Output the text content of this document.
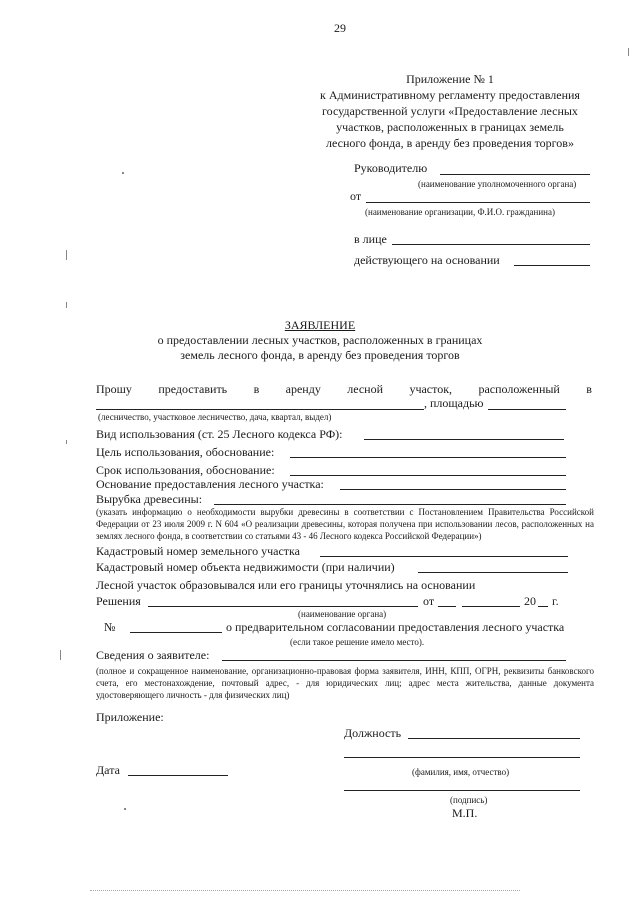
29
Приложение № 1
к Административному регламенту предоставления
государственной услуги «Предоставление лесных
участков, расположенных в границах земель
лесного фонда, в аренду без проведения торгов»
Руководителю
(наименование уполномоченного органа)
от
(наименование организации, Ф.И.О. гражданина)
в лице
действующего на основании
ЗАЯВЛЕНИЕ
о предоставлении лесных участков, расположенных в границах
земель лесного фонда, в аренду без проведения торгов
Прошу предоставить в аренду лесной участок, расположенный в
, площадью
(лесничество, участковое лесничество, дача, квартал, выдел)
Вид использования (ст. 25 Лесного кодекса РФ):
Цель использования, обоснование:
Срок использования, обоснование:
Основание предоставления лесного участка:
Вырубка древесины:
(указать информацию о необходимости вырубки древесины в соответствии с Постановлением Правительства Российской Федерации от 23 июля 2009 г. N 604 «О реализации древесины, которая получена при использовании лесов, расположенных на землях лесного фонда, в соответствии со статьями 43 - 46 Лесного кодекса Российской Федерации»)
Кадастровый номер земельного участка
Кадастровый номер объекта недвижимости (при наличии)
Лесной участок образовывался или его границы уточнялись на основании
Решения	от	20 г.
(наименование органа)
№	о предварительном согласовании предоставления лесного участка
(если такое решение имело место).
Сведения о заявителе:
(полное и сокращенное наименование, организационно-правовая форма заявителя, ИНН, КПП, ОГРН, реквизиты банковского счета, его местонахождение, почтовый адрес, - для юридических лиц; адрес места жительства, данные документа удостоверяющего личность - для физических лиц)
Приложение:
Должность
Дата	(фамилия, имя, отчество)
(подпись)
М.П.
